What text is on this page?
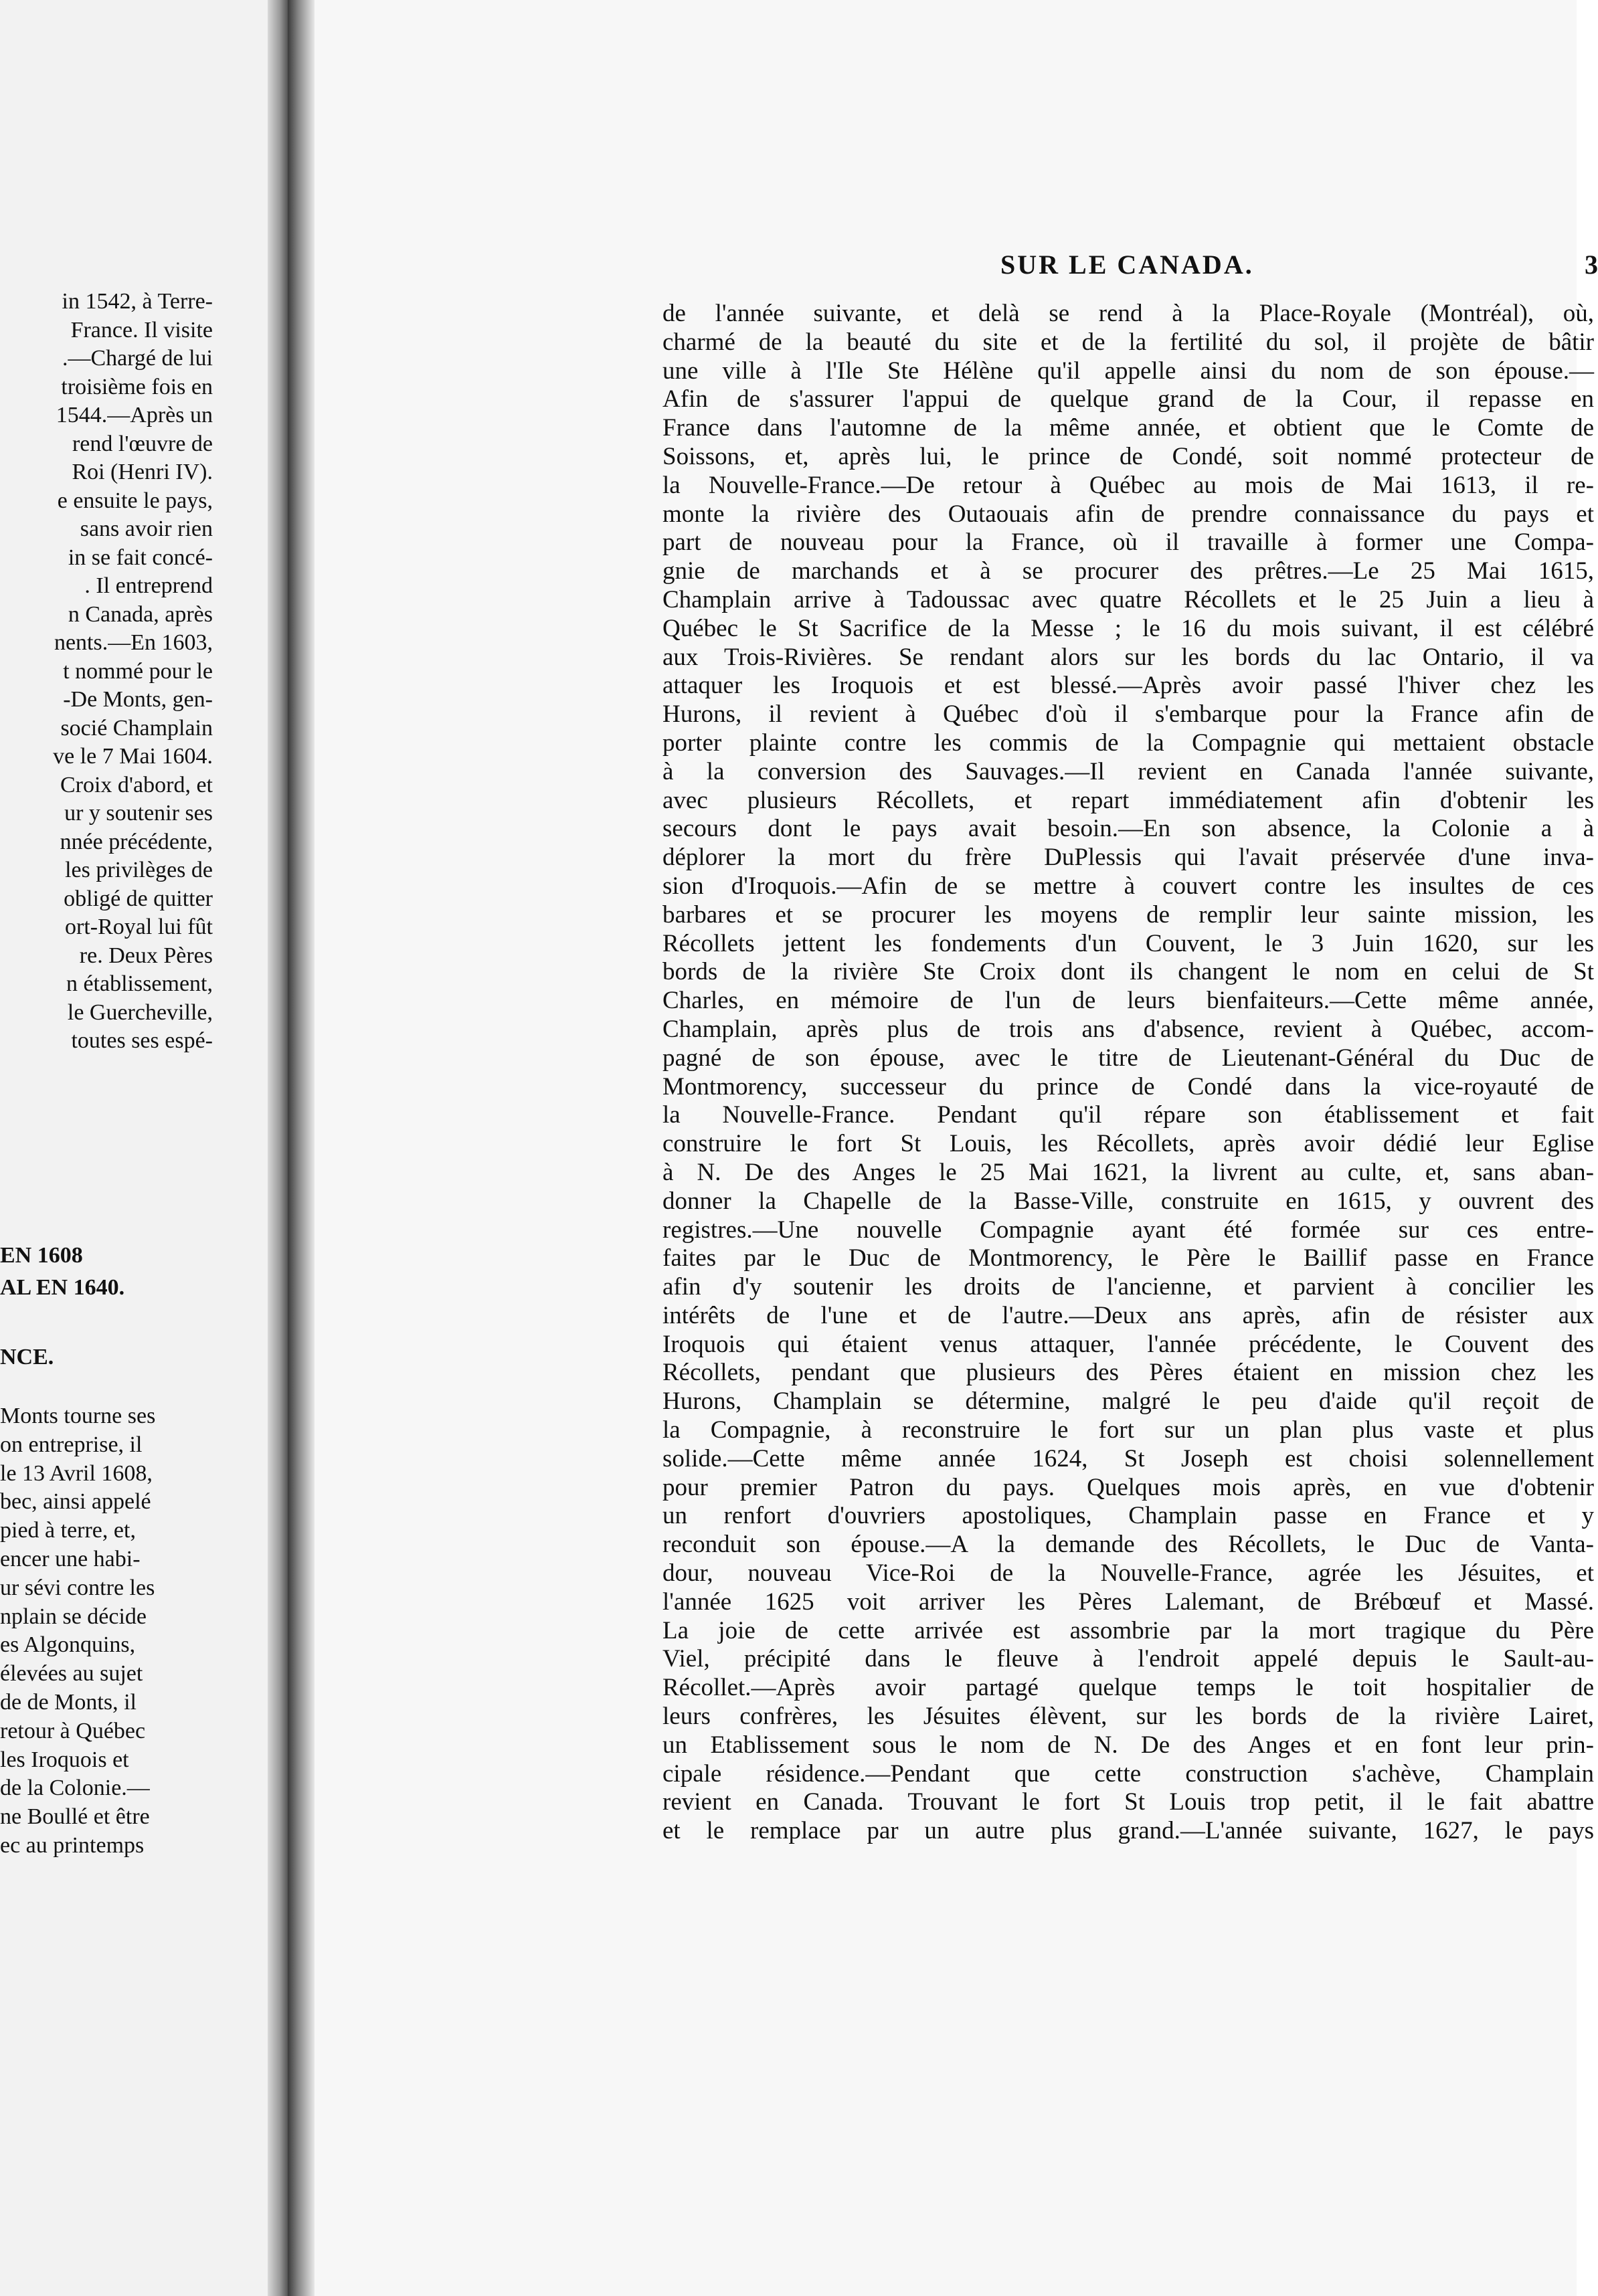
in 1542, à Terre-
France. Il visite
.—Chargé de lui
troisième fois en
1544.—Après un
rend l'œuvre de
Roi (Henri IV).
e ensuite le pays,
sans avoir rien
in se fait concé-
. Il entreprend
n Canada, après
nents.—En 1603,
t nommé pour le
-De Monts, gen-
socié Champlain
ve le 7 Mai 1604.
Croix d'abord, et
ur y soutenir ses
nnée précédente,
les privilèges de
obligé de quitter
ort-Royal lui fût
re. Deux Pères
n établissement,
le Guercheville,
toutes ses espé-
EN 1608
AL EN 1640.
NCE.
Monts tourne ses
on entreprise, il
le 13 Avril 1608,
bec, ainsi appelé
pied à terre, et,
encer une habi-
ur sévi contre les
nplain se décide
es Algonquins,
élevées au sujet
de de Monts, il
retour à Québec
les Iroquois et
de la Colonie.—
ne Boullé et être
ec au printemps
SUR LE CANADA.	3
de l'année suivante, et delà se rend à la Place-Royale (Montréal), où,
charmé de la beauté du site et de la fertilité du sol, il projète de bâtir
une ville à l'Ile Ste Hélène qu'il appelle ainsi du nom de son épouse.—
Afin de s'assurer l'appui de quelque grand de la Cour, il repasse en
France dans l'automne de la même année, et obtient que le Comte de
Soissons, et, après lui, le prince de Condé, soit nommé protecteur de
la Nouvelle-France.—De retour à Québec au mois de Mai 1613, il re-
monte la rivière des Outaouais afin de prendre connaissance du pays et
part de nouveau pour la France, où il travaille à former une Compa-
gnie de marchands et à se procurer des prêtres.—Le 25 Mai 1615,
Champlain arrive à Tadoussac avec quatre Récollets et le 25 Juin a lieu à
Québec le St Sacrifice de la Messe ; le 16 du mois suivant, il est célébré
aux Trois-Rivières. Se rendant alors sur les bords du lac Ontario, il va
attaquer les Iroquois et est blessé.—Après avoir passé l'hiver chez les
Hurons, il revient à Québec d'où il s'embarque pour la France afin de
porter plainte contre les commis de la Compagnie qui mettaient obstacle
à la conversion des Sauvages.—Il revient en Canada l'année suivante,
avec plusieurs Récollets, et repart immédiatement afin d'obtenir les
secours dont le pays avait besoin.—En son absence, la Colonie a à
déplorer la mort du frère DuPlessis qui l'avait préservée d'une inva-
sion d'Iroquois.—Afin de se mettre à couvert contre les insultes de ces
barbares et se procurer les moyens de remplir leur sainte mission, les
Récollets jettent les fondements d'un Couvent, le 3 Juin 1620, sur les
bords de la rivière Ste Croix dont ils changent le nom en celui de St
Charles, en mémoire de l'un de leurs bienfaiteurs.—Cette même année,
Champlain, après plus de trois ans d'absence, revient à Québec, accom-
pagné de son épouse, avec le titre de Lieutenant-Général du Duc de
Montmorency, successeur du prince de Condé dans la vice-royauté de
la Nouvelle-France. Pendant qu'il répare son établissement et fait
construire le fort St Louis, les Récollets, après avoir dédié leur Eglise
à N. De des Anges le 25 Mai 1621, la livrent au culte, et, sans aban-
donner la Chapelle de la Basse-Ville, construite en 1615, y ouvrent des
registres.—Une nouvelle Compagnie ayant été formée sur ces entre-
faites par le Duc de Montmorency, le Père le Baillif passe en France
afin d'y soutenir les droits de l'ancienne, et parvient à concilier les
intérêts de l'une et de l'autre.—Deux ans après, afin de résister aux
Iroquois qui étaient venus attaquer, l'année précédente, le Couvent des
Récollets, pendant que plusieurs des Pères étaient en mission chez les
Hurons, Champlain se détermine, malgré le peu d'aide qu'il reçoit de
la Compagnie, à reconstruire le fort sur un plan plus vaste et plus
solide.—Cette même année 1624, St Joseph est choisi solennellement
pour premier Patron du pays. Quelques mois après, en vue d'obtenir
un renfort d'ouvriers apostoliques, Champlain passe en France et y
reconduit son épouse.—A la demande des Récollets, le Duc de Vanta-
dour, nouveau Vice-Roi de la Nouvelle-France, agrée les Jésuites, et
l'année 1625 voit arriver les Pères Lalemant, de Brébœuf et Massé.
La joie de cette arrivée est assombrie par la mort tragique du Père
Viel, précipité dans le fleuve à l'endroit appelé depuis le Sault-au-
Récollet.—Après avoir partagé quelque temps le toit hospitalier de
leurs confrères, les Jésuites élèvent, sur les bords de la rivière Lairet,
un Etablissement sous le nom de N. De des Anges et en font leur prin-
cipale résidence.—Pendant que cette construction s'achève, Champlain
revient en Canada. Trouvant le fort St Louis trop petit, il le fait abattre
et le remplace par un autre plus grand.—L'année suivante, 1627, le pays
